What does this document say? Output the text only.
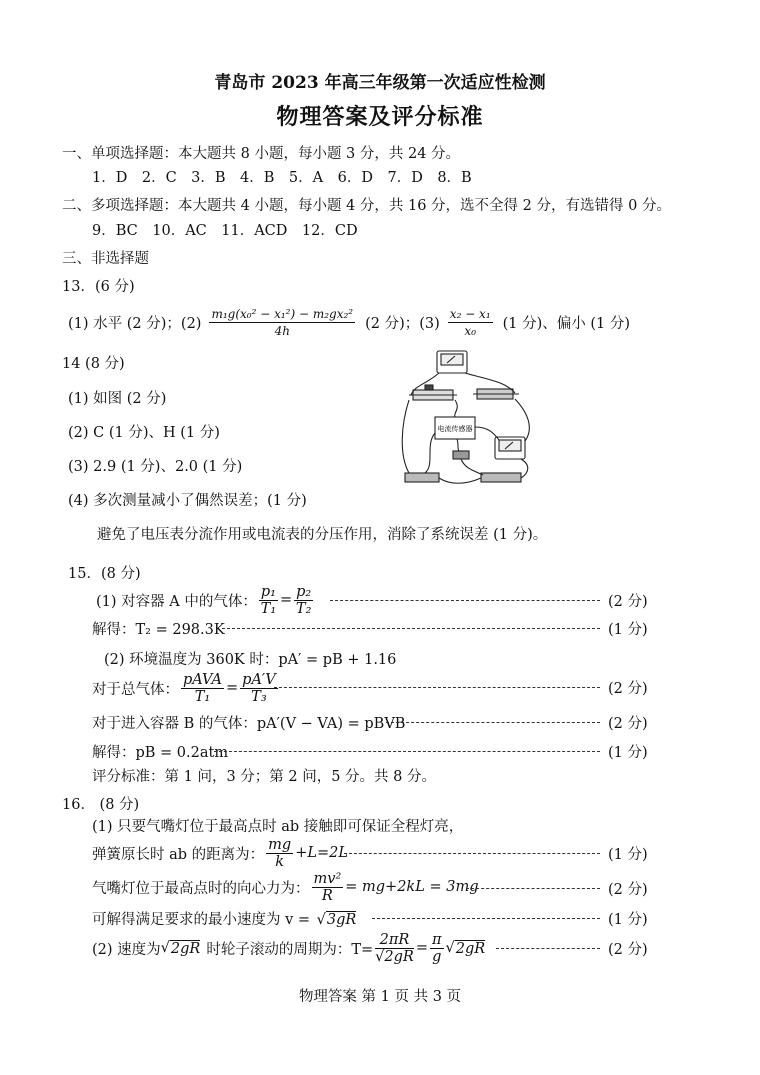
青岛市 2023 年高三年级第一次适应性检测
物理答案及评分标准
一、单项选择题：本大题共 8 小题，每小题 3 分，共 24 分。
1．D　2．C　3．B　4．B　5．A　6．D　7．D　8．B
二、多项选择题：本大题共 4 小题，每小题 4 分，共 16 分，选不全得 2 分，有选错得 0 分。
9．BC　10．AC　11．ACD　12．CD
三、非选择题
13．(6 分)
(1) 水平 (2 分)；$(2) \frac{\text{m₁g(x₀² − x₁²) − m₂gx₂²}}{4h} (2$ 分)；$(3) \frac{\text{x₂ − x₁}}{\text{x₀}} (1$ 分)、偏小 (1 分)
14 (8 分)
(1) 如图 (2 分)
(2) C (1 分)、H (1 分)
(3) 2.9 (1 分)、2.0 (1 分)
(4) 多次测量减小了偶然误差；(1 分)
避免了电压表分流作用或电流表的分压作用，消除了系统误差 (1 分)。
电流传感器
15．(8 分)
(1) 对容器 A 中的气体： $\frac{\text{p₁}}{\text{T₁}} = \frac{\text{p₂}}{\text{T₂}}$	(2 分)
解得：T₂ = 298.3K	(1 分)
(2) 环境温度为 360K 时：pA′ = pB + 1.16
对于总气体： $\frac{\text{pAVA}}{\text{T₁}} = \frac{pA'V}{\text{T₃}}$	(2 分)
对于进入容器 B 的气体：pA′(V − VA) = pBVB	(2 分)
解得：pB = 0.2atm	(1 分)
评分标准：第 1 问，3 分；第 2 问，5 分。共 8 分。
16． (8 分)
(1) 只要气嘴灯位于最高点时 ab 接触即可保证全程灯亮，
弹簧原长时 ab 的距离为： $\frac{mg}{k} +L=2L$	(1 分)
气嘴灯位于最高点时的向心力为： $\frac{\text{mv²}}{R} = mg+2kL = 3mg$	(2 分)
可解得满足要求的最小速度为 v = √3gR	(1 分)
(2) 速度为 √ 2gR 时轮子滚动的周期为：$T= \frac{2\pi R}{√2gR} = \frac{\pi}{g}$ √ 2gR	(2 分)
物理答案 第 1 页 共 3 页
